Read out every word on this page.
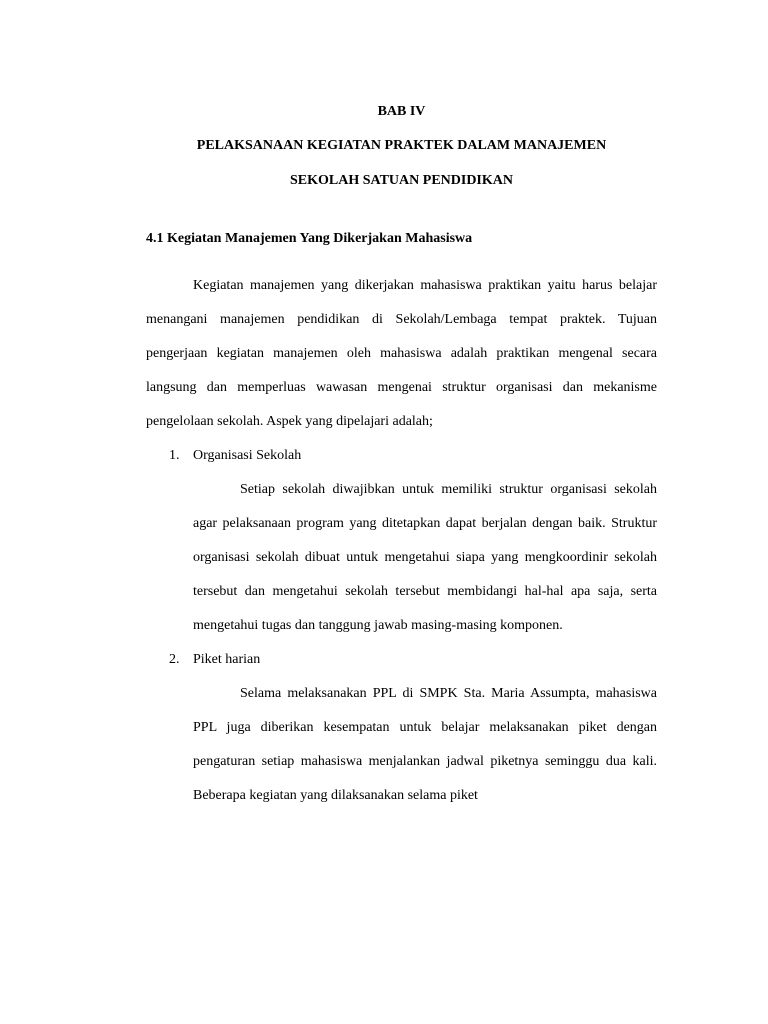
BAB IV

PELAKSANAAN KEGIATAN PRAKTEK DALAM MANAJEMEN

SEKOLAH SATUAN PENDIDIKAN

4.1 Kegiatan Manajemen Yang Dikerjakan Mahasiswa

Kegiatan manajemen yang dikerjakan mahasiswa praktikan yaitu harus belajar menangani manajemen pendidikan di Sekolah/Lembaga tempat praktek. Tujuan pengerjaan kegiatan manajemen oleh mahasiswa adalah praktikan mengenal secara langsung dan memperluas wawasan mengenai struktur organisasi dan mekanisme pengelolaan sekolah. Aspek yang dipelajari adalah;

1. Organisasi Sekolah

Setiap sekolah diwajibkan untuk memiliki struktur organisasi sekolah agar pelaksanaan program yang ditetapkan dapat berjalan dengan baik. Struktur organisasi sekolah dibuat untuk mengetahui siapa yang mengkoordinir sekolah tersebut dan mengetahui sekolah tersebut membidangi hal-hal apa saja, serta mengetahui tugas dan tanggung jawab masing-masing komponen.

2. Piket harian

Selama melaksanakan PPL di SMPK Sta. Maria Assumpta, mahasiswa PPL juga diberikan kesempatan untuk belajar melaksanakan piket dengan pengaturan setiap mahasiswa menjalankan jadwal piketnya seminggu dua kali. Beberapa kegiatan yang dilaksanakan selama piket
